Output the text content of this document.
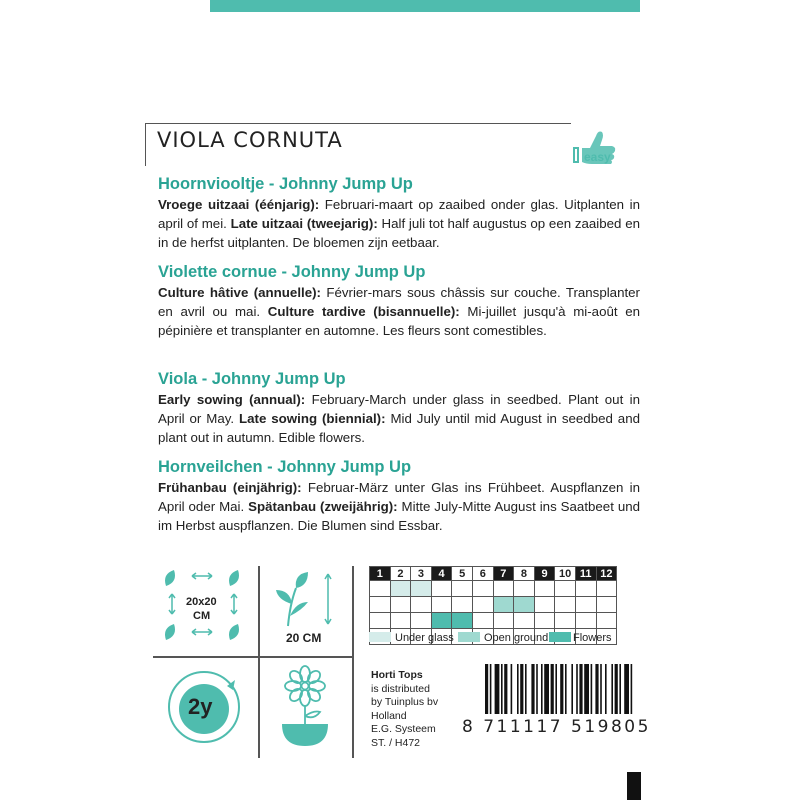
VIOLA CORNUTA
easy
Hoornviooltje - Johnny Jump Up

Vroege uitzaai (éénjarig): Februari-maart op zaaibed onder glas. Uitplanten in april of mei. Late uitzaai (tweejarig): Half juli tot half augustus op een zaaibed en in de herfst uitplanten. De bloemen zijn eetbaar.

Violette cornue - Johnny Jump Up

Culture hâtive (annuelle): Février-mars sous châssis sur couche. Transplanter en avril ou mai. Culture tardive (bisannuelle): Mi-juillet jusqu'à mi-août en pépinière et transplanter en automne. Les fleurs sont comestibles.

Viola - Johnny Jump Up

Early sowing (annual): February-March under glass in seedbed. Plant out in April or May. Late sowing (biennial): Mid July until mid August in seedbed and plant out in autumn. Edible flowers.

Hornveilchen - Johnny Jump Up

Frühanbau (einjährig): Februar-März unter Glas ins Frühbeet. Auspflanzen in April oder Mai. Spätanbau (zweijährig): Mitte July-Mitte August ins Saatbeet und im Herbst auspflanzen. Die Blumen sind Essbar.

20x20
CM
20 CM
2y
1	2	3	4	5	6	7	8	9	10	11	12

Under glass	Open ground Flowers
Horti Tops
is distributed
by Tuinplus bv
Holland
E.G. Systeem
ST. / H472
8 711117 519805
